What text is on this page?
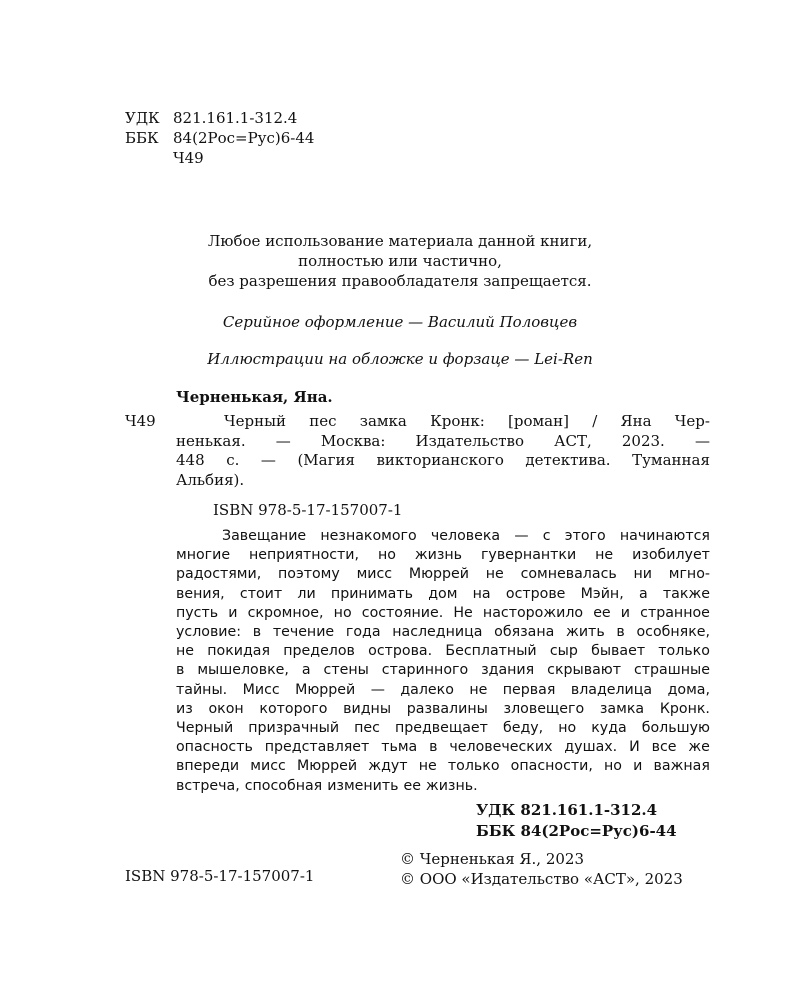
УДК 821.161.1-312.4
ББК 84(2Рос=Рус)6-44
Ч49
Любое использование материала данной книги,
полностью или частично,
без разрешения правообладателя запрещается.
Серийное оформление — Василий Половцев
Иллюстрации на обложке и форзаце — Lei-Ren
Черненькая, Яна.
Ч49	Черный пес замка Кронк: [роман] / Яна Чер-
ненькая. — Москва: Издательство АСТ, 2023. —
448 с. — (Магия викторианского детектива. Туманная
Альбия).
ISBN 978-5-17-157007-1
Завещание незнакомого человека — с этого начинаются
многие неприятности, но жизнь гувернантки не изобилует
радостями, поэтому мисс Мюррей не сомневалась ни мгно-
вения, стоит ли принимать дом на острове Мэйн, а также
пусть и скромное, но состояние. Не насторожило ее и странное
условие: в течение года наследница обязана жить в особняке,
не покидая пределов острова. Бесплатный сыр бывает только
в мышеловке, а стены старинного здания скрывают страшные
тайны. Мисс Мюррей — далеко не первая владелица дома,
из окон которого видны развалины зловещего замка Кронк.
Черный призрачный пес предвещает беду, но куда большую
опасность представляет тьма в человеческих душах. И все же
впереди мисс Мюррей ждут не только опасности, но и важная
встреча, способная изменить ее жизнь.
УДК 821.161.1-312.4
ББК 84(2Рос=Рус)6-44
ISBN 978-5-17-157007-1
© Черненькая Я., 2023
© ООО «Издательство «АСТ», 2023
